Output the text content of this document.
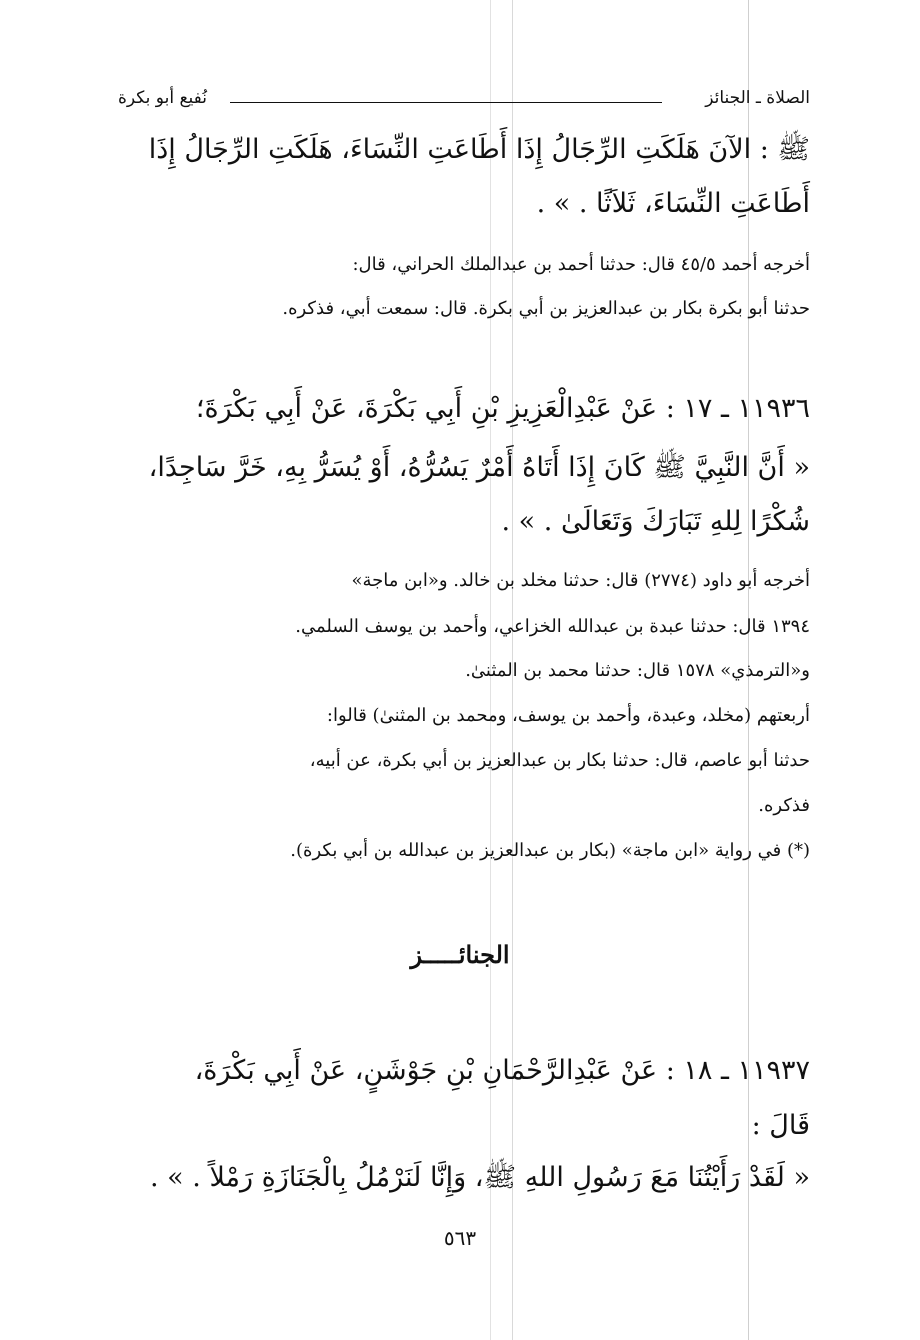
الصلاة ـ الجنائز
نُفيع أبو بكرة
ﷺ : الآنَ هَلَكَتِ الرِّجَالُ إِذَا أَطَاعَتِ النِّسَاءَ، هَلَكَتِ الرِّجَالُ إِذَا
أَطَاعَتِ النِّسَاءَ، ثَلاَثًا . » .
أخرجه أحمد ٤٥/٥ قال: حدثنا أحمد بن عبدالملك الحراني، قال:
حدثنا أبو بكرة بكار بن عبدالعزيز بن أبي بكرة. قال: سمعت أبي، فذكره.
١١٩٣٦ ـ ١٧ : عَنْ عَبْدِالْعَزِيزِ بْنِ أَبِي بَكْرَةَ، عَنْ أَبِي بَكْرَةَ؛
« أَنَّ النَّبِيَّ ﷺ كَانَ إِذَا أَتَاهُ أَمْرٌ يَسُرُّهُ، أَوْ يُسَرُّ بِهِ، خَرَّ سَاجِدًا،
شُكْرًا لِلهِ تَبَارَكَ وَتَعَالَىٰ . » .
أخرجه أبو داود (٢٧٧٤) قال: حدثنا مخلد بن خالد. و«ابن ماجة»
١٣٩٤ قال: حدثنا عبدة بن عبدالله الخزاعي، وأحمد بن يوسف السلمي.
و«الترمذي» ١٥٧٨ قال: حدثنا محمد بن المثنىٰ.
أربعتهم (مخلد، وعبدة، وأحمد بن يوسف، ومحمد بن المثنىٰ) قالوا:
حدثنا أبو عاصم، قال: حدثنا بكار بن عبدالعزيز بن أبي بكرة، عن أبيه،
فذكره.
(*) في رواية «ابن ماجة» (بكار بن عبدالعزيز بن عبدالله بن أبي بكرة).
الجنائـــــز
١١٩٣٧ ـ ١٨ : عَنْ عَبْدِالرَّحْمَانِ بْنِ جَوْشَنٍ، عَنْ أَبِي بَكْرَةَ،
قَالَ :
« لَقَدْ رَأَيْتُنَا مَعَ رَسُولِ اللهِ ﷺ، وَإِنَّا لَنَرْمُلُ بِالْجَنَازَةِ رَمْلاً . » .
٥٦٣
